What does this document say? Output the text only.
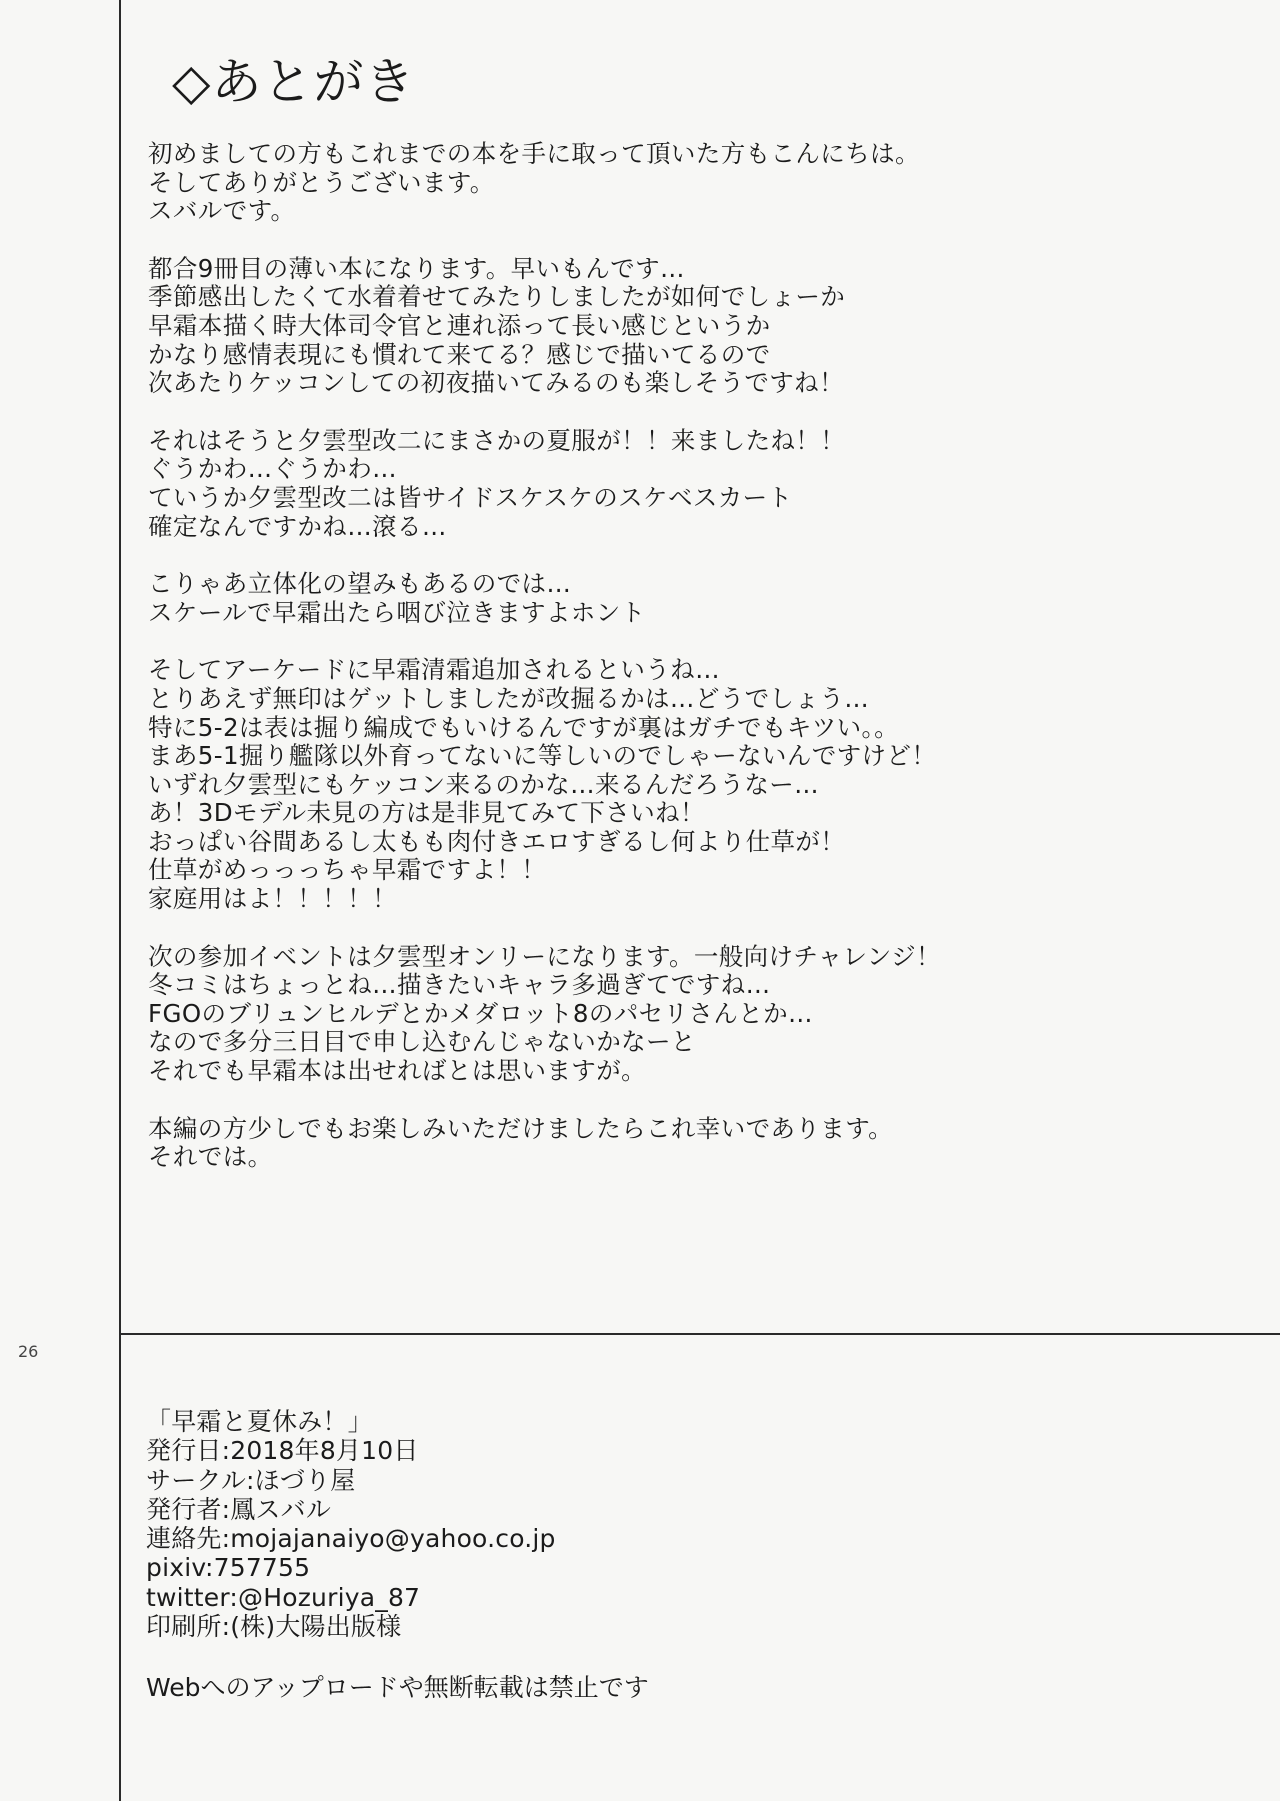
◇あとがき
初めましての方もこれまでの本を手に取って頂いた方もこんにちは。
そしてありがとうございます。
スバルです。
都合9冊目の薄い本になります。早いもんです…
季節感出したくて水着着せてみたりしましたが如何でしょーか
早霜本描く時大体司令官と連れ添って長い感じというか
かなり感情表現にも慣れて来てる？感じで描いてるので
次あたりケッコンしての初夜描いてみるのも楽しそうですね！
それはそうと夕雲型改二にまさかの夏服が！！来ましたね！！
ぐうかわ…ぐうかわ…
ていうか夕雲型改二は皆サイドスケスケのスケベスカート
確定なんですかね…滾る…
こりゃあ立体化の望みもあるのでは…
スケールで早霜出たら咽び泣きますよホント
そしてアーケードに早霜清霜追加されるというね…
とりあえず無印はゲットしましたが改掘るかは…どうでしょう…
特に5-2は表は掘り編成でもいけるんですが裏はガチでもキツい。。
まあ5-1掘り艦隊以外育ってないに等しいのでしゃーないんですけど！
いずれ夕雲型にもケッコン来るのかな…来るんだろうなー…
あ！3Dモデル未見の方は是非見てみて下さいね！
おっぱい谷間あるし太もも肉付きエロすぎるし何より仕草が！
仕草がめっっっちゃ早霜ですよ！！
家庭用はよ！！！！！
次の参加イベントは夕雲型オンリーになります。一般向けチャレンジ！
冬コミはちょっとね…描きたいキャラ多過ぎてですね…
FGOのブリュンヒルデとかメダロット8のパセリさんとか…
なので多分三日目で申し込むんじゃないかなーと
それでも早霜本は出せればとは思いますが。
本編の方少しでもお楽しみいただけましたらこれ幸いであります。
それでは。
26
「早霜と夏休み！」
発行日:2018年8月10日
サークル:ほづり屋
発行者:鳳スバル
連絡先:mojajanaiyo@yahoo.co.jp
pixiv:757755
twitter:@Hozuriya_87
印刷所:(株)大陽出版様
Webへのアップロードや無断転載は禁止です
